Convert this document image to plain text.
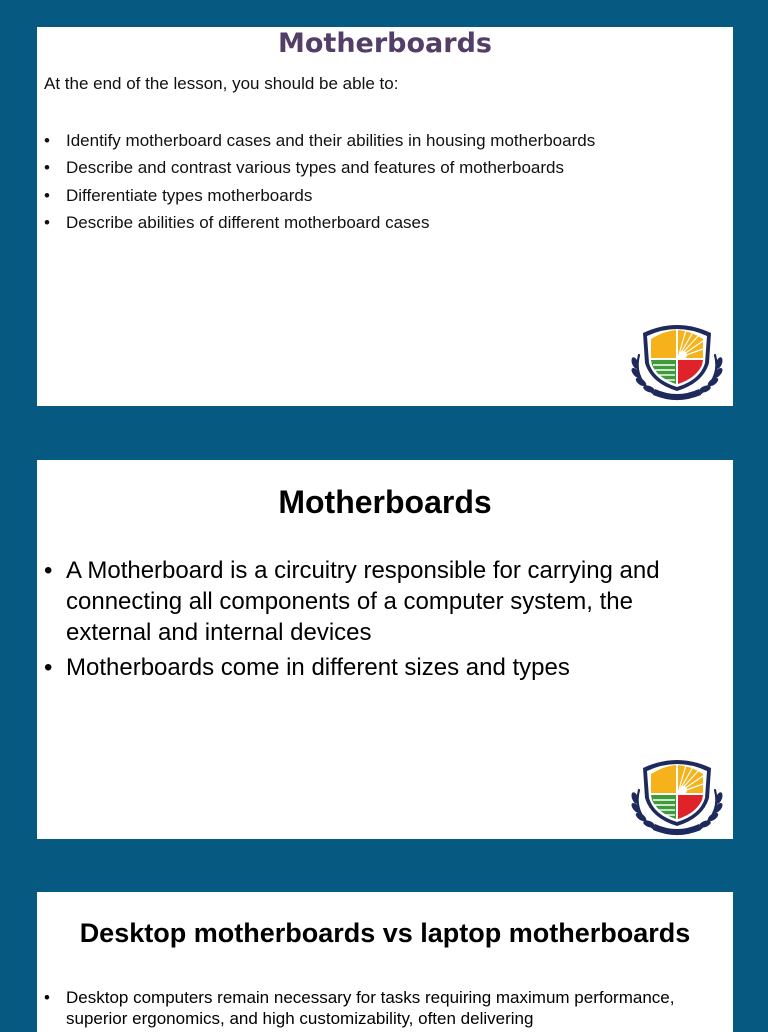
Motherboards
At the end of the lesson, you should be able to:
• Identify motherboard cases and their abilities in housing motherboards
• Describe and contrast various types and features of motherboards
• Differentiate types motherboards
• Describe abilities of different motherboard cases
Motherboards
• A Motherboard is a circuitry responsible for carrying and connecting all components of a computer system, the external and internal devices
• Motherboards come in different sizes and types
Desktop motherboards vs laptop motherboards
• Desktop computers remain necessary for tasks requiring maximum performance, superior ergonomics, and high customizability, often delivering
